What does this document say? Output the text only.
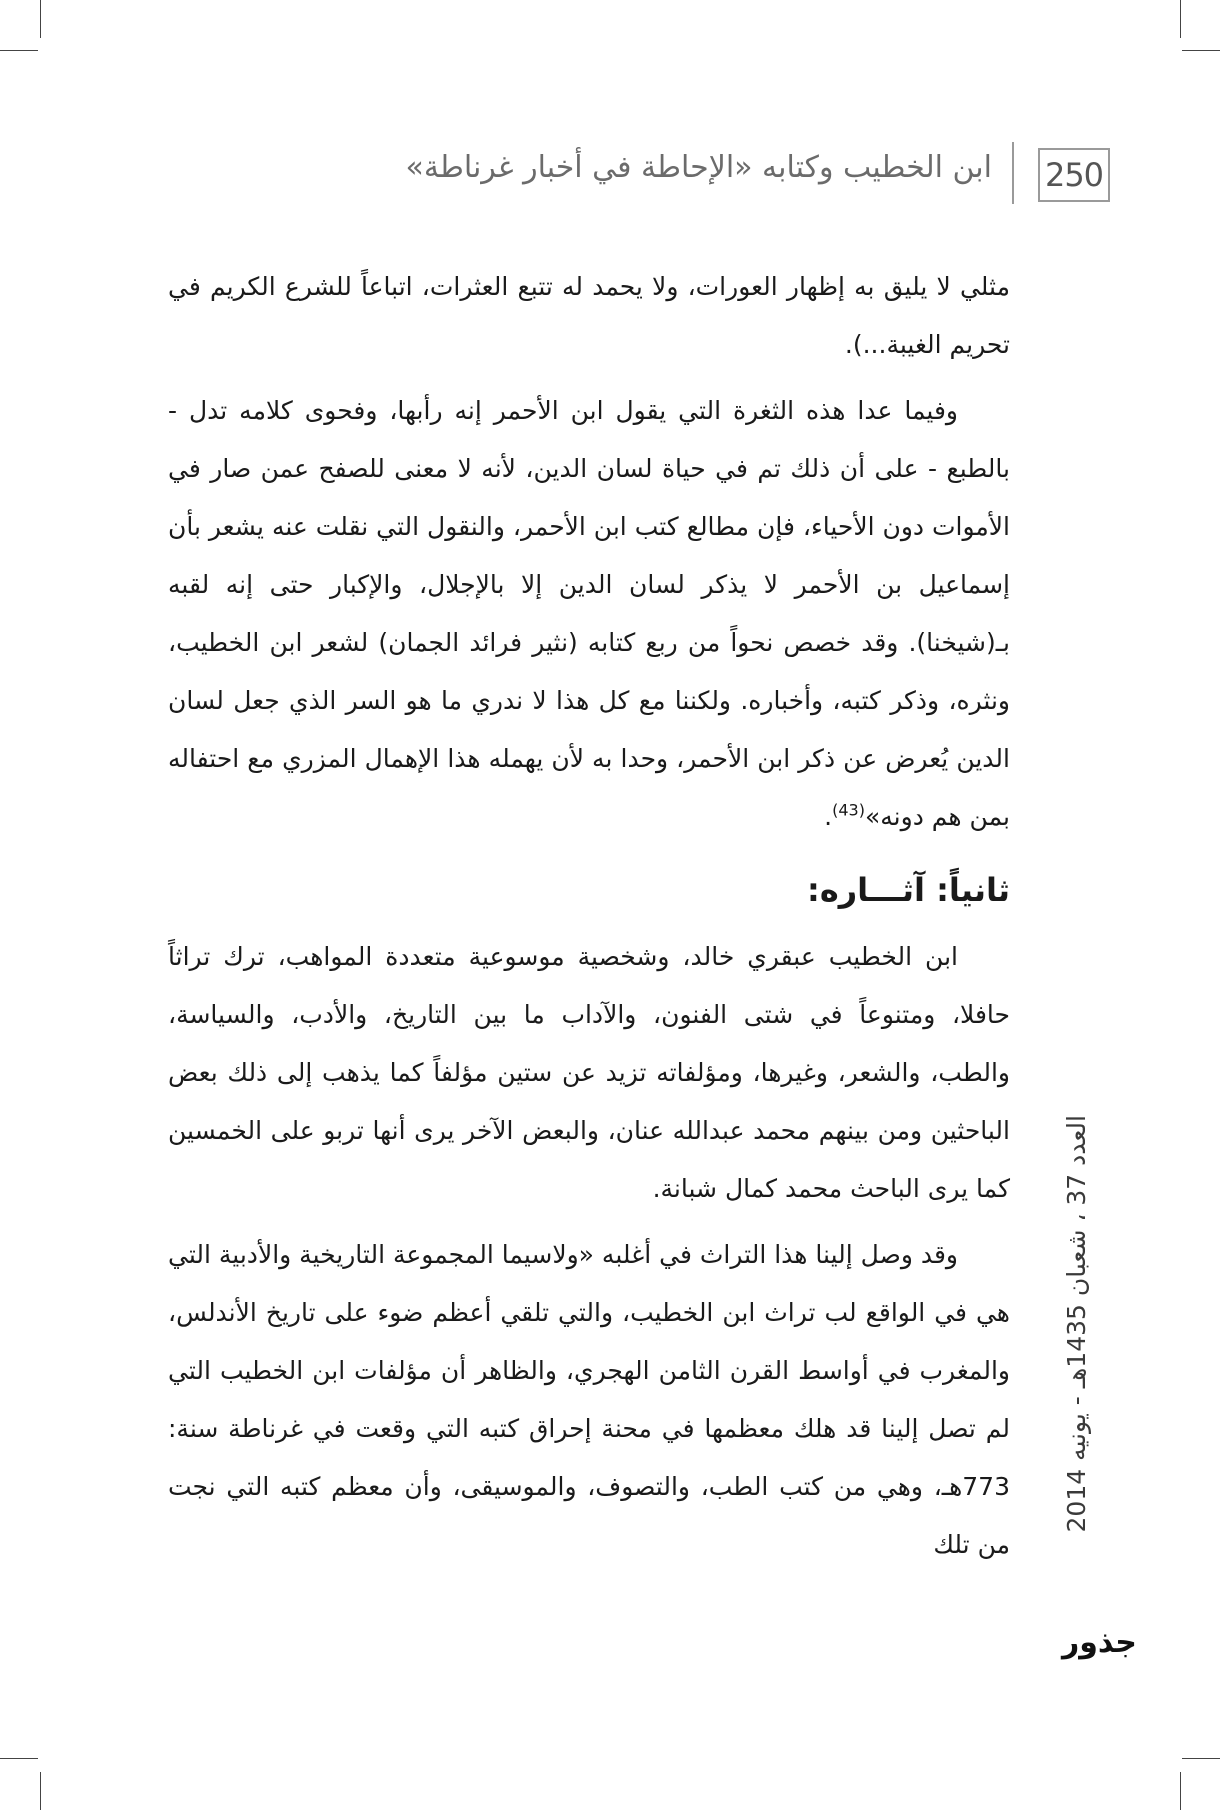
250
ابن الخطيب وكتابه «الإحاطة في أخبار غرناطة»

مثلي لا يليق به إظهار العورات، ولا يحمد له تتبع العثرات، اتباعاً للشرع الكريم في تحريم الغيبة...).

وفيما عدا هذه الثغرة التي يقول ابن الأحمر إنه رأبها، وفحوى كلامه تدل - بالطبع - على أن ذلك تم في حياة لسان الدين، لأنه لا معنى للصفح عمن صار في الأموات دون الأحياء، فإن مطالع كتب ابن الأحمر، والنقول التي نقلت عنه يشعر بأن إسماعيل بن الأحمر لا يذكر لسان الدين إلا بالإجلال، والإكبار حتى إنه لقبه بـ(شيخنا). وقد خصص نحواً من ربع كتابه (نثير فرائد الجمان) لشعر ابن الخطيب، ونثره، وذكر كتبه، وأخباره. ولكننا مع كل هذا لا ندري ما هو السر الذي جعل لسان الدين يُعرض عن ذكر ابن الأحمر، وحدا به لأن يهمله هذا الإهمال المزري مع احتفاله بمن هم دونه»$^{(43)}$.

ثانياً: آثـــاره:

ابن الخطيب عبقري خالد، وشخصية موسوعية متعددة المواهب، ترك تراثاً حافلا، ومتنوعاً في شتى الفنون، والآداب ما بين التاريخ، والأدب، والسياسة، والطب، والشعر، وغيرها، ومؤلفاته تزيد عن ستين مؤلفاً كما يذهب إلى ذلك بعض الباحثين ومن بينهم محمد عبدالله عنان، والبعض الآخر يرى أنها تربو على الخمسين كما يرى الباحث محمد كمال شبانة.

وقد وصل إلينا هذا التراث في أغلبه «ولاسيما المجموعة التاريخية والأدبية التي هي في الواقع لب تراث ابن الخطيب، والتي تلقي أعظم ضوء على تاريخ الأندلس، والمغرب في أواسط القرن الثامن الهجري، والظاهر أن مؤلفات ابن الخطيب التي لم تصل إلينا قد هلك معظمها في محنة إحراق كتبه التي وقعت في غرناطة سنة: 773هـ، وهي من كتب الطب، والتصوف، والموسيقى، وأن معظم كتبه التي نجت من تلك

العدد 37 ، شعبان 1435هـ - يونيه 2014
جذور
